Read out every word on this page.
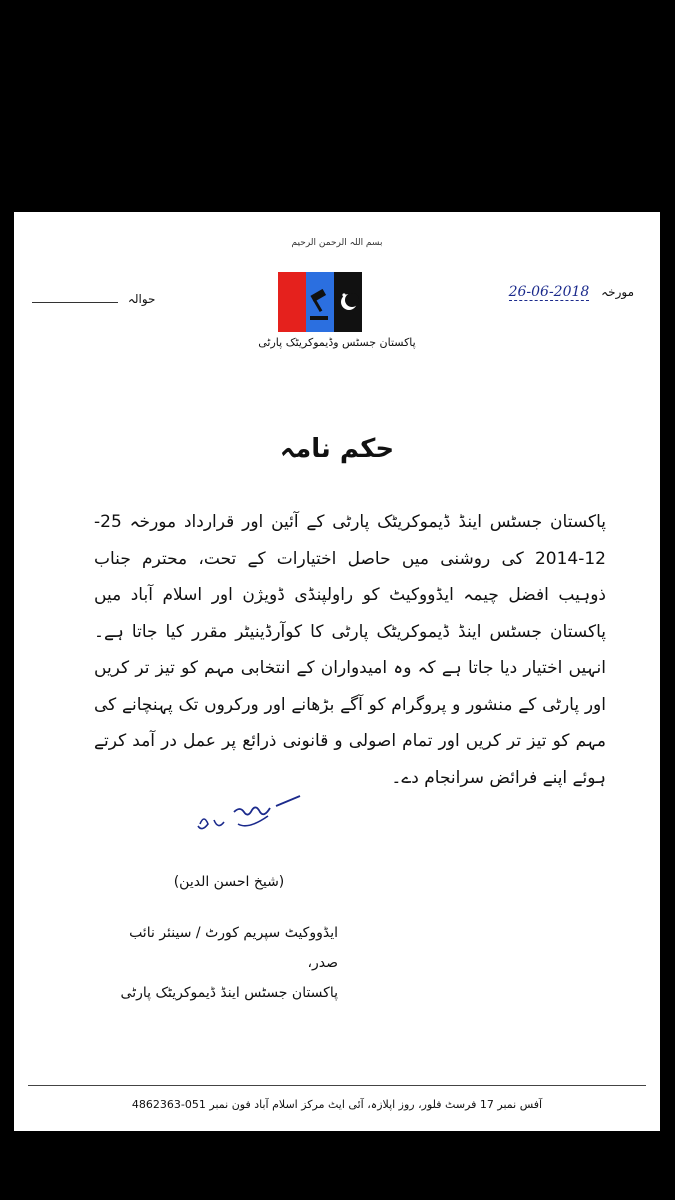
بسم اللہ الرحمن الرحیم
حوالہ
پاکستان جسٹس وڈیموکریٹک پارٹی
26-06-2018 مورخہ
حکم نامہ
پاکستان جسٹس اینڈ ڈیموکریٹک پارٹی کے آئین اور قرارداد مورخہ 25-12-2014 کی روشنی میں حاصل اختیارات کے تحت، محترم جناب ذوہیب افضل چیمہ ایڈووکیٹ کو راولپنڈی ڈویژن اور اسلام آباد میں پاکستان جسٹس اینڈ ڈیموکریٹک پارٹی کا کوآرڈینیٹر مقرر کیا جاتا ہے۔ انہیں اختیار دیا جاتا ہے کہ وہ امیدواران کے انتخابی مہم کو تیز تر کریں اور پارٹی کے منشور و پروگرام کو آگے بڑھانے اور ورکروں تک پہنچانے کی مہم کو تیز تر کریں اور تمام اصولی و قانونی ذرائع پر عمل در آمد کرتے ہوئے اپنے فرائض سرانجام دے۔
(شیخ احسن الدین)
ایڈووکیٹ سپریم کورٹ / سینئر نائب صدر،
پاکستان جسٹس اینڈ ڈیموکریٹک پارٹی
آفس نمبر 17 فرسٹ فلور، روز اپلازہ، آئی ایٹ مرکز اسلام آباد فون نمبر 051-4862363
